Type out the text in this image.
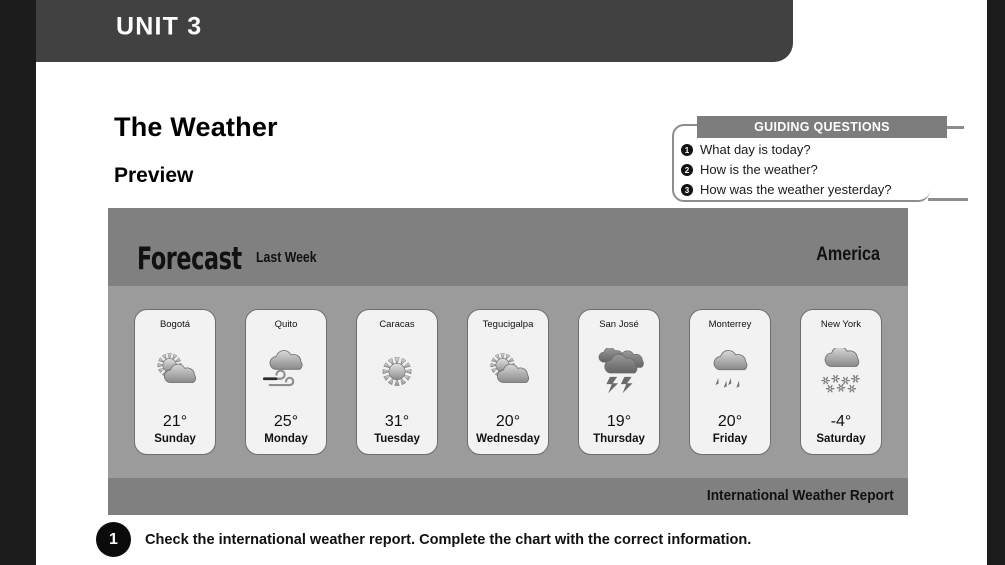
UNIT 3
The Weather
Preview
GUIDING QUESTIONS
1 What day is today?
2 How is the weather?
3 How was the weather yesterday?
Forecast Last Week	America
Bogotá
21°
Sunday
Quito
25°
Monday
Caracas
31°
Tuesday
Tegucigalpa
20°
Wednesday
San José
19°
Thursday
Monterrey
20°
Friday
New York
-4°
Saturday
International Weather Report
1	Check the international weather report. Complete the chart with the correct information.
